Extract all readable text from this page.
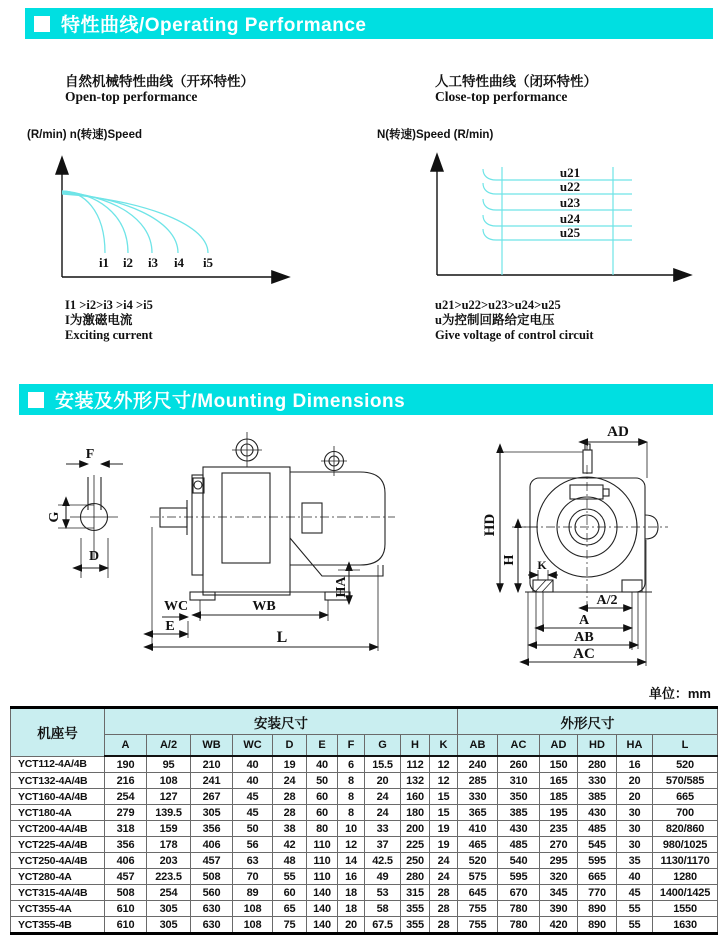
特性曲线/Operating Performance
自然机械特性曲线（开环特性）
Open-top performance
人工特性曲线（闭环特性）
Close-top performance
(R/min) n(转速)Speed	N(转速)Speed (R/min)
i1 i2 i3 i4 i5
u21
u22
u23
u24
u25
I1 >i2>i3 >i4 >i5
I为激磁电流
Exciting current
u21>u22>u23>u24>u25
u为控制回路给定电压
Give voltage of control circuit
安装及外形尺寸/Mounting Dimensions
F
G
D
WC	WB
HA
E
L
AD
HD
H K
A/2
A
AB
AC
单位：mm
机座号	安装尺寸										外形尺寸					
	A	A/2	WB	WC	D	E	F	G	H	K	AB	AC	AD	HD	HA	L
YCT112-4A/4B	190	95	210	40	19	40	6	15.5	112	12	240	260	150	280	16	520
YCT132-4A/4B	216	108	241	40	24	50	8	20	132	12	285	310	165	330	20	570/585
YCT160-4A/4B	254	127	267	45	28	60	8	24	160	15	330	350	185	385	20	665
YCT180-4A	279	139.5	305	45	28	60	8	24	180	15	365	385	195	430	30	700
YCT200-4A/4B	318	159	356	50	38	80	10	33	200	19	410	430	235	485	30	820/860
YCT225-4A/4B	356	178	406	56	42	110	12	37	225	19	465	485	270	545	30	980/1025
YCT250-4A/4B	406	203	457	63	48	110	14	42.5	250	24	520	540	295	595	35	1130/1170
YCT280-4A	457	223.5	508	70	55	110	16	49	280	24	575	595	320	665	40	1280
YCT315-4A/4B	508	254	560	89	60	140	18	53	315	28	645	670	345	770	45	1400/1425
YCT355-4A	610	305	630	108	65	140	18	58	355	28	755	780	390	890	55	1550
YCT355-4B	610	305	630	108	75	140	20	67.5	355	28	755	780	420	890	55	1630
